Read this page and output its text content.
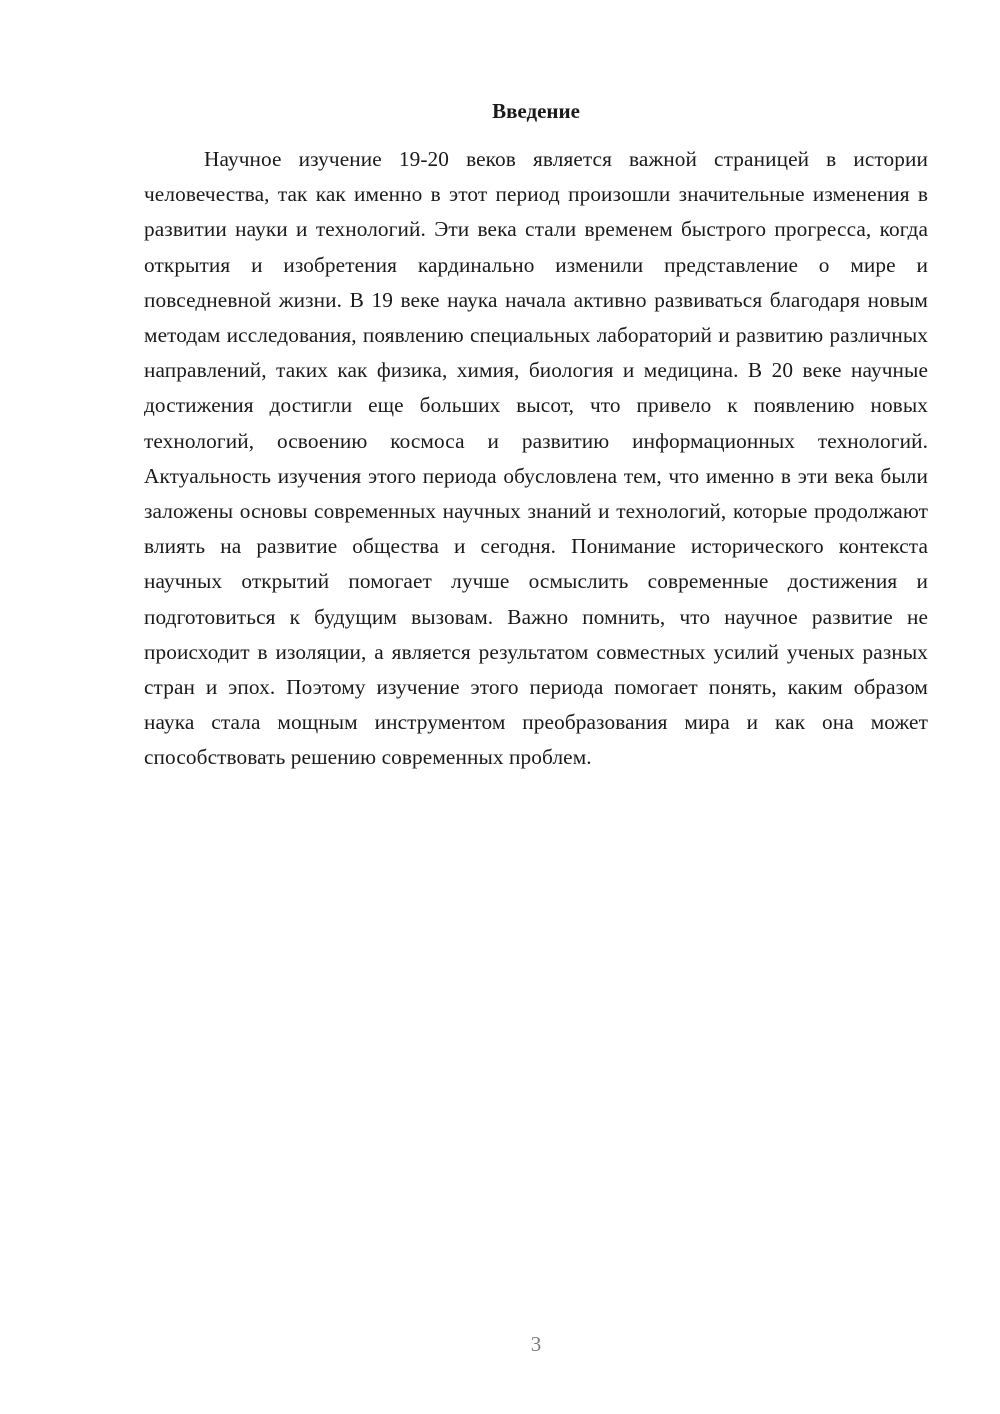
Введение

Научное изучение 19-20 веков является важной страницей в истории человечества, так как именно в этот период произошли значительные изменения в развитии науки и технологий. Эти века стали временем быстрого прогресса, когда открытия и изобретения кардинально изменили представление о мире и повседневной жизни. В 19 веке наука начала активно развиваться благодаря новым методам исследования, появлению специальных лабораторий и развитию различных направлений, таких как физика, химия, биология и медицина. В 20 веке научные достижения достигли еще больших высот, что привело к появлению новых технологий, освоению космоса и развитию информационных технологий. Актуальность изучения этого периода обусловлена тем, что именно в эти века были заложены основы современных научных знаний и технологий, которые продолжают влиять на развитие общества и сегодня. Понимание исторического контекста научных открытий помогает лучше осмыслить современные достижения и подготовиться к будущим вызовам. Важно помнить, что научное развитие не происходит в изоляции, а является результатом совместных усилий ученых разных стран и эпох. Поэтому изучение этого периода помогает понять, каким образом наука стала мощным инструментом преобразования мира и как она может способствовать решению современных проблем.

3
